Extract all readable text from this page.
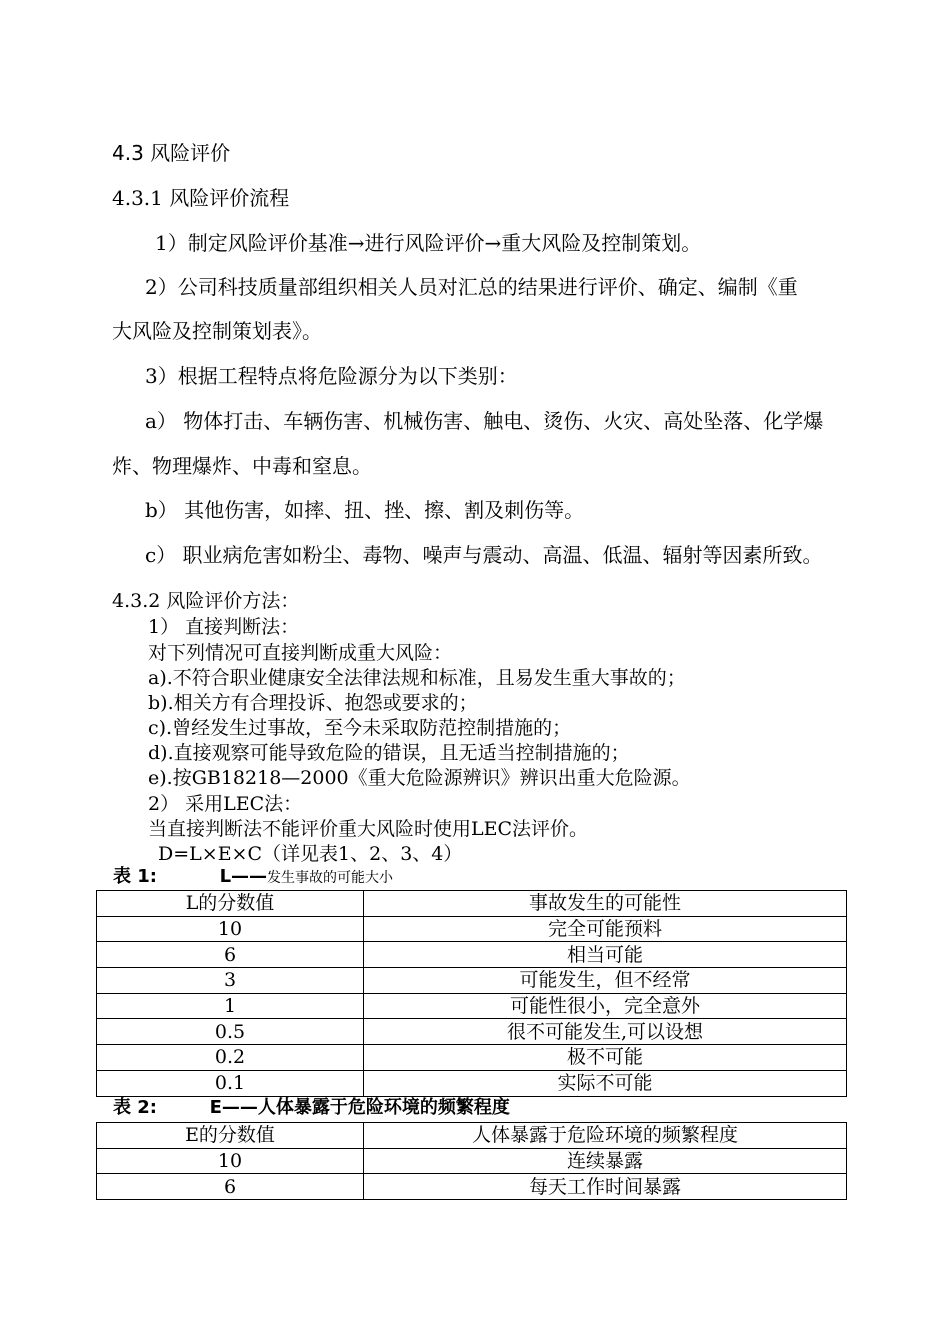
4.3 风险评价
4.3.1 风险评价流程
1）制定风险评价基准→进行风险评价→重大风险及控制策划。
2）公司科技质量部组织相关人员对汇总的结果进行评价、确定、编制《重
大风险及控制策划表》。
3）根据工程特点将危险源分为以下类别：
a） 物体打击、车辆伤害、机械伤害、触电、烫伤、火灾、高处坠落、化学爆
炸、物理爆炸、中毒和窒息。
b） 其他伤害，如摔、扭、挫、擦、割及刺伤等。
c） 职业病危害如粉尘、毒物、噪声与震动、高温、低温、辐射等因素所致。
4.3.2 风险评价方法：
1） 直接判断法：
对下列情况可直接判断成重大风险：
a).不符合职业健康安全法律法规和标准，且易发生重大事故的；
b).相关方有合理投诉、抱怨或要求的；
c).曾经发生过事故，至今未采取防范控制措施的；
d).直接观察可能导致危险的错误，且无适当控制措施的；
e).按GB18218—2000《重大危险源辨识》辨识出重大危险源。
2） 采用LEC法：
当直接判断法不能评价重大风险时使用LEC法评价。
D=L×E×C（详见表1、2、3、4）
表 1:	L——发生事故的可能大小
L的分数值	事故发生的可能性
10	完全可能预料
6	相当可能
3	可能发生，但不经常
1	可能性很小，完全意外
0.5	很不可能发生,可以设想
0.2	极不可能
0.1	实际不可能
表 2:	E——人体暴露于危险环境的频繁程度
E的分数值	人体暴露于危险环境的频繁程度
10	连续暴露
6	每天工作时间暴露
